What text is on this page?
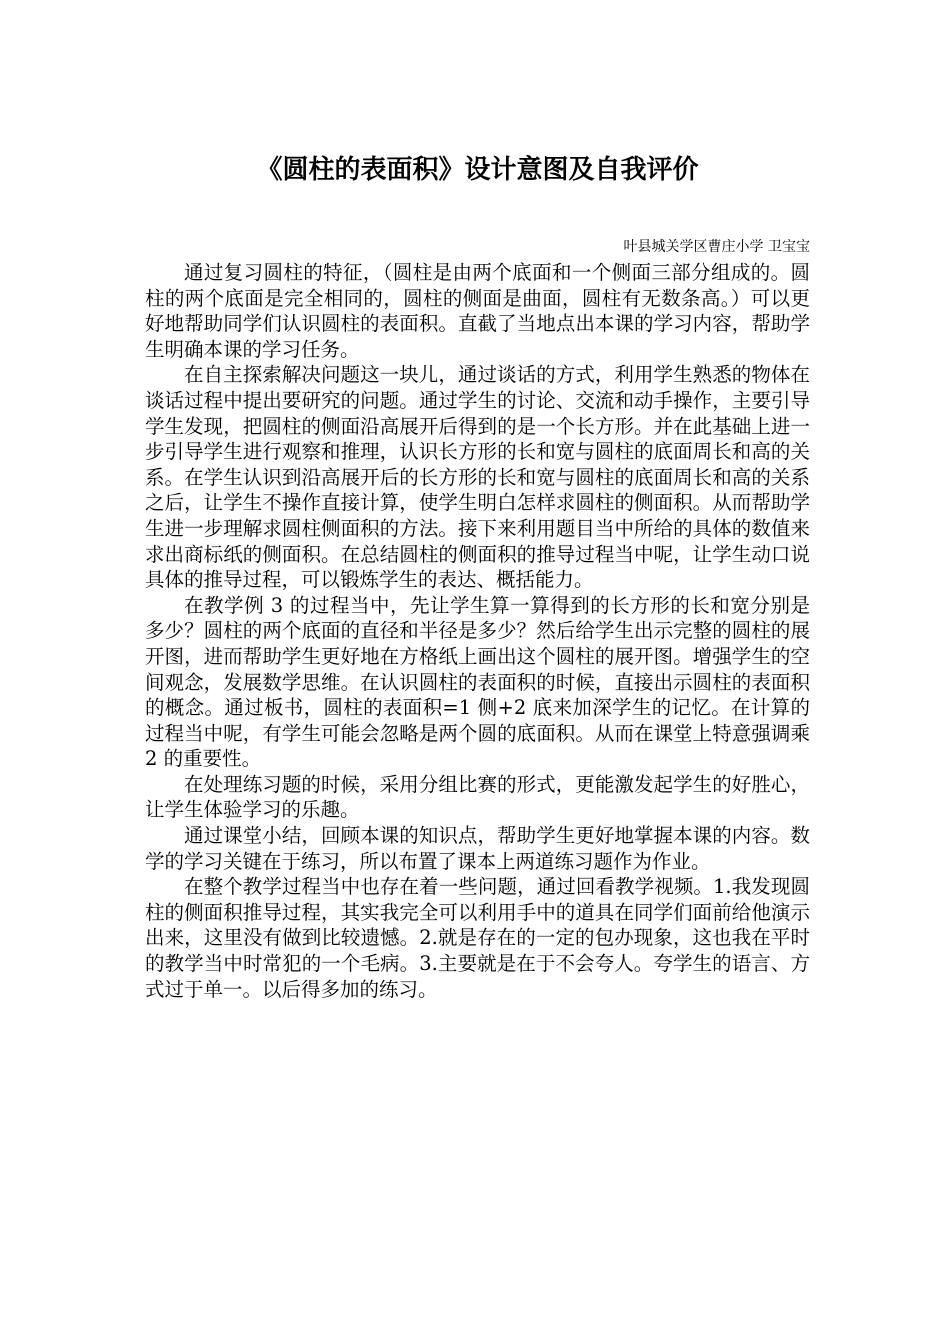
《圆柱的表面积》设计意图及自我评价
叶县城关学区曹庄小学 卫宝宝

通过复习圆柱的特征，（圆柱是由两个底面和一个侧面三部分组成的。圆柱的两个底面是完全相同的，圆柱的侧面是曲面，圆柱有无数条高。）可以更好地帮助同学们认识圆柱的表面积。直截了当地点出本课的学习内容，帮助学生明确本课的学习任务。

在自主探索解决问题这一块儿，通过谈话的方式，利用学生熟悉的物体在谈话过程中提出要研究的问题。通过学生的讨论、交流和动手操作，主要引导学生发现，把圆柱的侧面沿高展开后得到的是一个长方形。并在此基础上进一步引导学生进行观察和推理，认识长方形的长和宽与圆柱的底面周长和高的关系。在学生认识到沿高展开后的长方形的长和宽与圆柱的底面周长和高的关系之后，让学生不操作直接计算，使学生明白怎样求圆柱的侧面积。从而帮助学生进一步理解求圆柱侧面积的方法。接下来利用题目当中所给的具体的数值来求出商标纸的侧面积。在总结圆柱的侧面积的推导过程当中呢，让学生动口说具体的推导过程，可以锻炼学生的表达、概括能力。

在教学例 3 的过程当中，先让学生算一算得到的长方形的长和宽分别是多少？圆柱的两个底面的直径和半径是多少？然后给学生出示完整的圆柱的展开图，进而帮助学生更好地在方格纸上画出这个圆柱的展开图。增强学生的空间观念，发展数学思维。在认识圆柱的表面积的时候，直接出示圆柱的表面积的概念。通过板书，圆柱的表面积=1 侧+2 底来加深学生的记忆。在计算的过程当中呢，有学生可能会忽略是两个圆的底面积。从而在课堂上特意强调乘 2 的重要性。

在处理练习题的时候，采用分组比赛的形式，更能激发起学生的好胜心，让学生体验学习的乐趣。

通过课堂小结，回顾本课的知识点，帮助学生更好地掌握本课的内容。数学的学习关键在于练习，所以布置了课本上两道练习题作为作业。

在整个教学过程当中也存在着一些问题，通过回看教学视频。1.我发现圆柱的侧面积推导过程，其实我完全可以利用手中的道具在同学们面前给他演示出来，这里没有做到比较遗憾。2.就是存在的一定的包办现象，这也我在平时的教学当中时常犯的一个毛病。3.主要就是在于不会夸人。夸学生的语言、方式过于单一。以后得多加的练习。
